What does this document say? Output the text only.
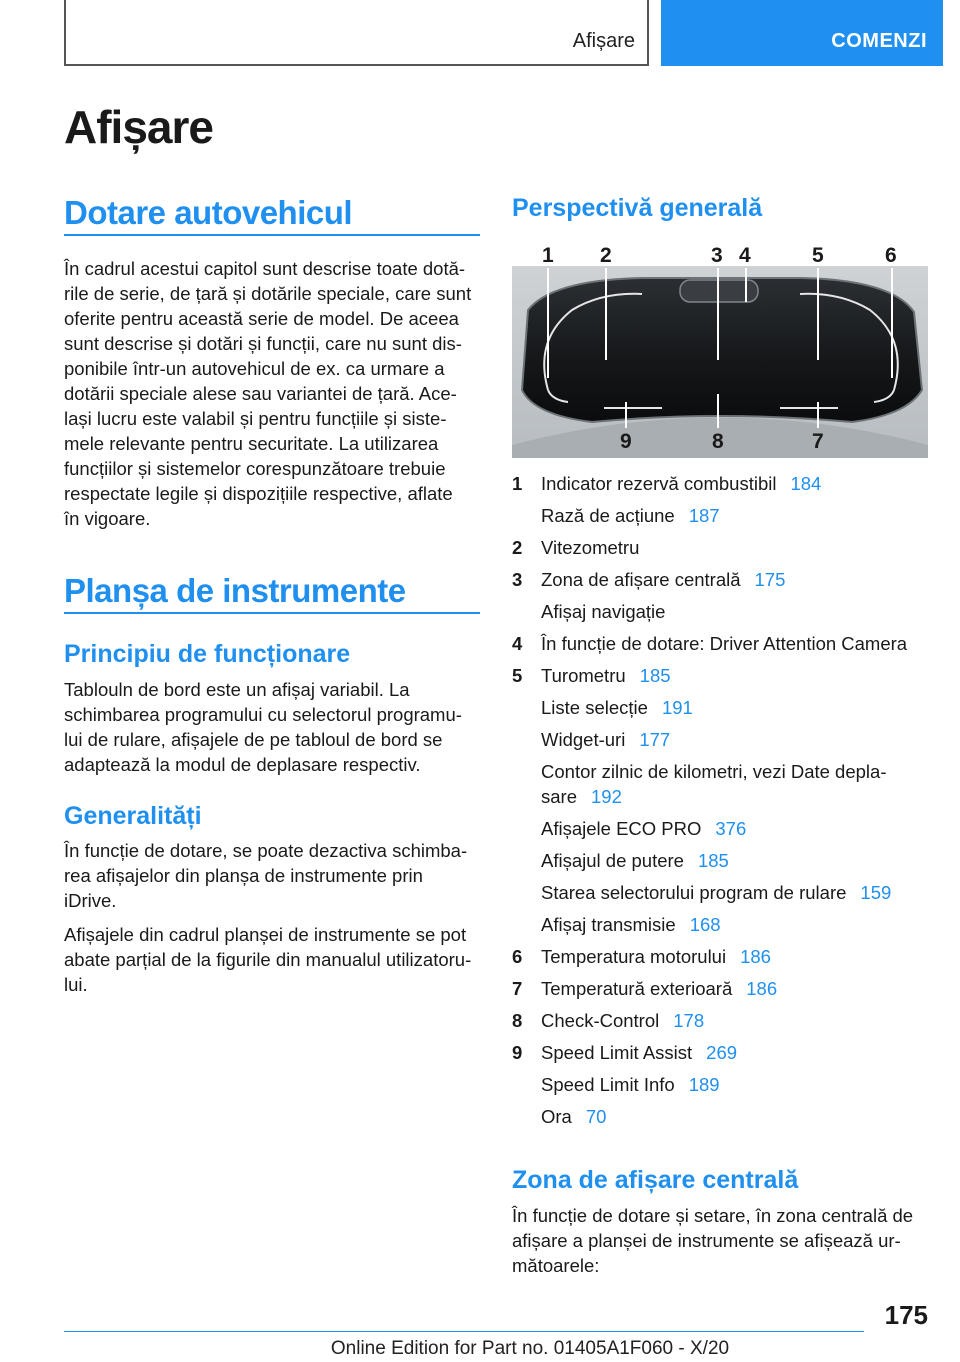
Afișare	COMENZI
Afișare
Dotare autovehicul
În cadrul acestui capitol sunt descrise toate dotă-
rile de serie, de țară și dotările speciale, care sunt
oferite pentru această serie de model. De aceea
sunt descrise și dotări și funcții, care nu sunt dis-
ponibile într-un autovehicul de ex. ca urmare a
dotării speciale alese sau variantei de țară. Ace-
lași lucru este valabil și pentru funcțiile și siste-
mele relevante pentru securitate. La utilizarea
funcțiilor și sistemelor corespunzătoare trebuie
respectate legile și dispozițiile respective, aflate
în vigoare.
Planșa de instrumente
Principiu de funcționare
Tablouln de bord este un afișaj variabil. La
schimbarea programului cu selectorul programu-
lui de rulare, afișajele de pe tabloul de bord se
adaptează la modul de deplasare respectiv.
Generalități
În funcție de dotare, se poate dezactiva schimba-
rea afișajelor din planșa de instrumente prin
iDrive.
Afișajele din cadrul planșei de instrumente se pot
abate parțial de la figurile din manualul utilizatoru-
lui.
Perspectivă generală
1 2	3 4	5	6
9	8	7
1	Indicator rezervă combustibil 184
Rază de acțiune 187
2	Vitezometru
3	Zona de afișare centrală 175
Afișaj navigație
4	În funcție de dotare: Driver Attention Camera
5	Turometru 185
Liste selecție 191
Widget-uri 177
Contor zilnic de kilometri, vezi Date depla-
sare 192
Afișajele ECO PRO 376
Afișajul de putere 185
Starea selectorului program de rulare 159
Afișaj transmisie 168
6	Temperatura motorului 186
7	Temperatură exterioară 186
8	Check-Control 178
9	Speed Limit Assist 269
Speed Limit Info 189
Ora 70
Zona de afișare centrală
În funcție de dotare și setare, în zona centrală de
afișare a planșei de instrumente se afișează ur-
mătoarele:
175
Online Edition for Part no. 01405A1F060 - X/20
